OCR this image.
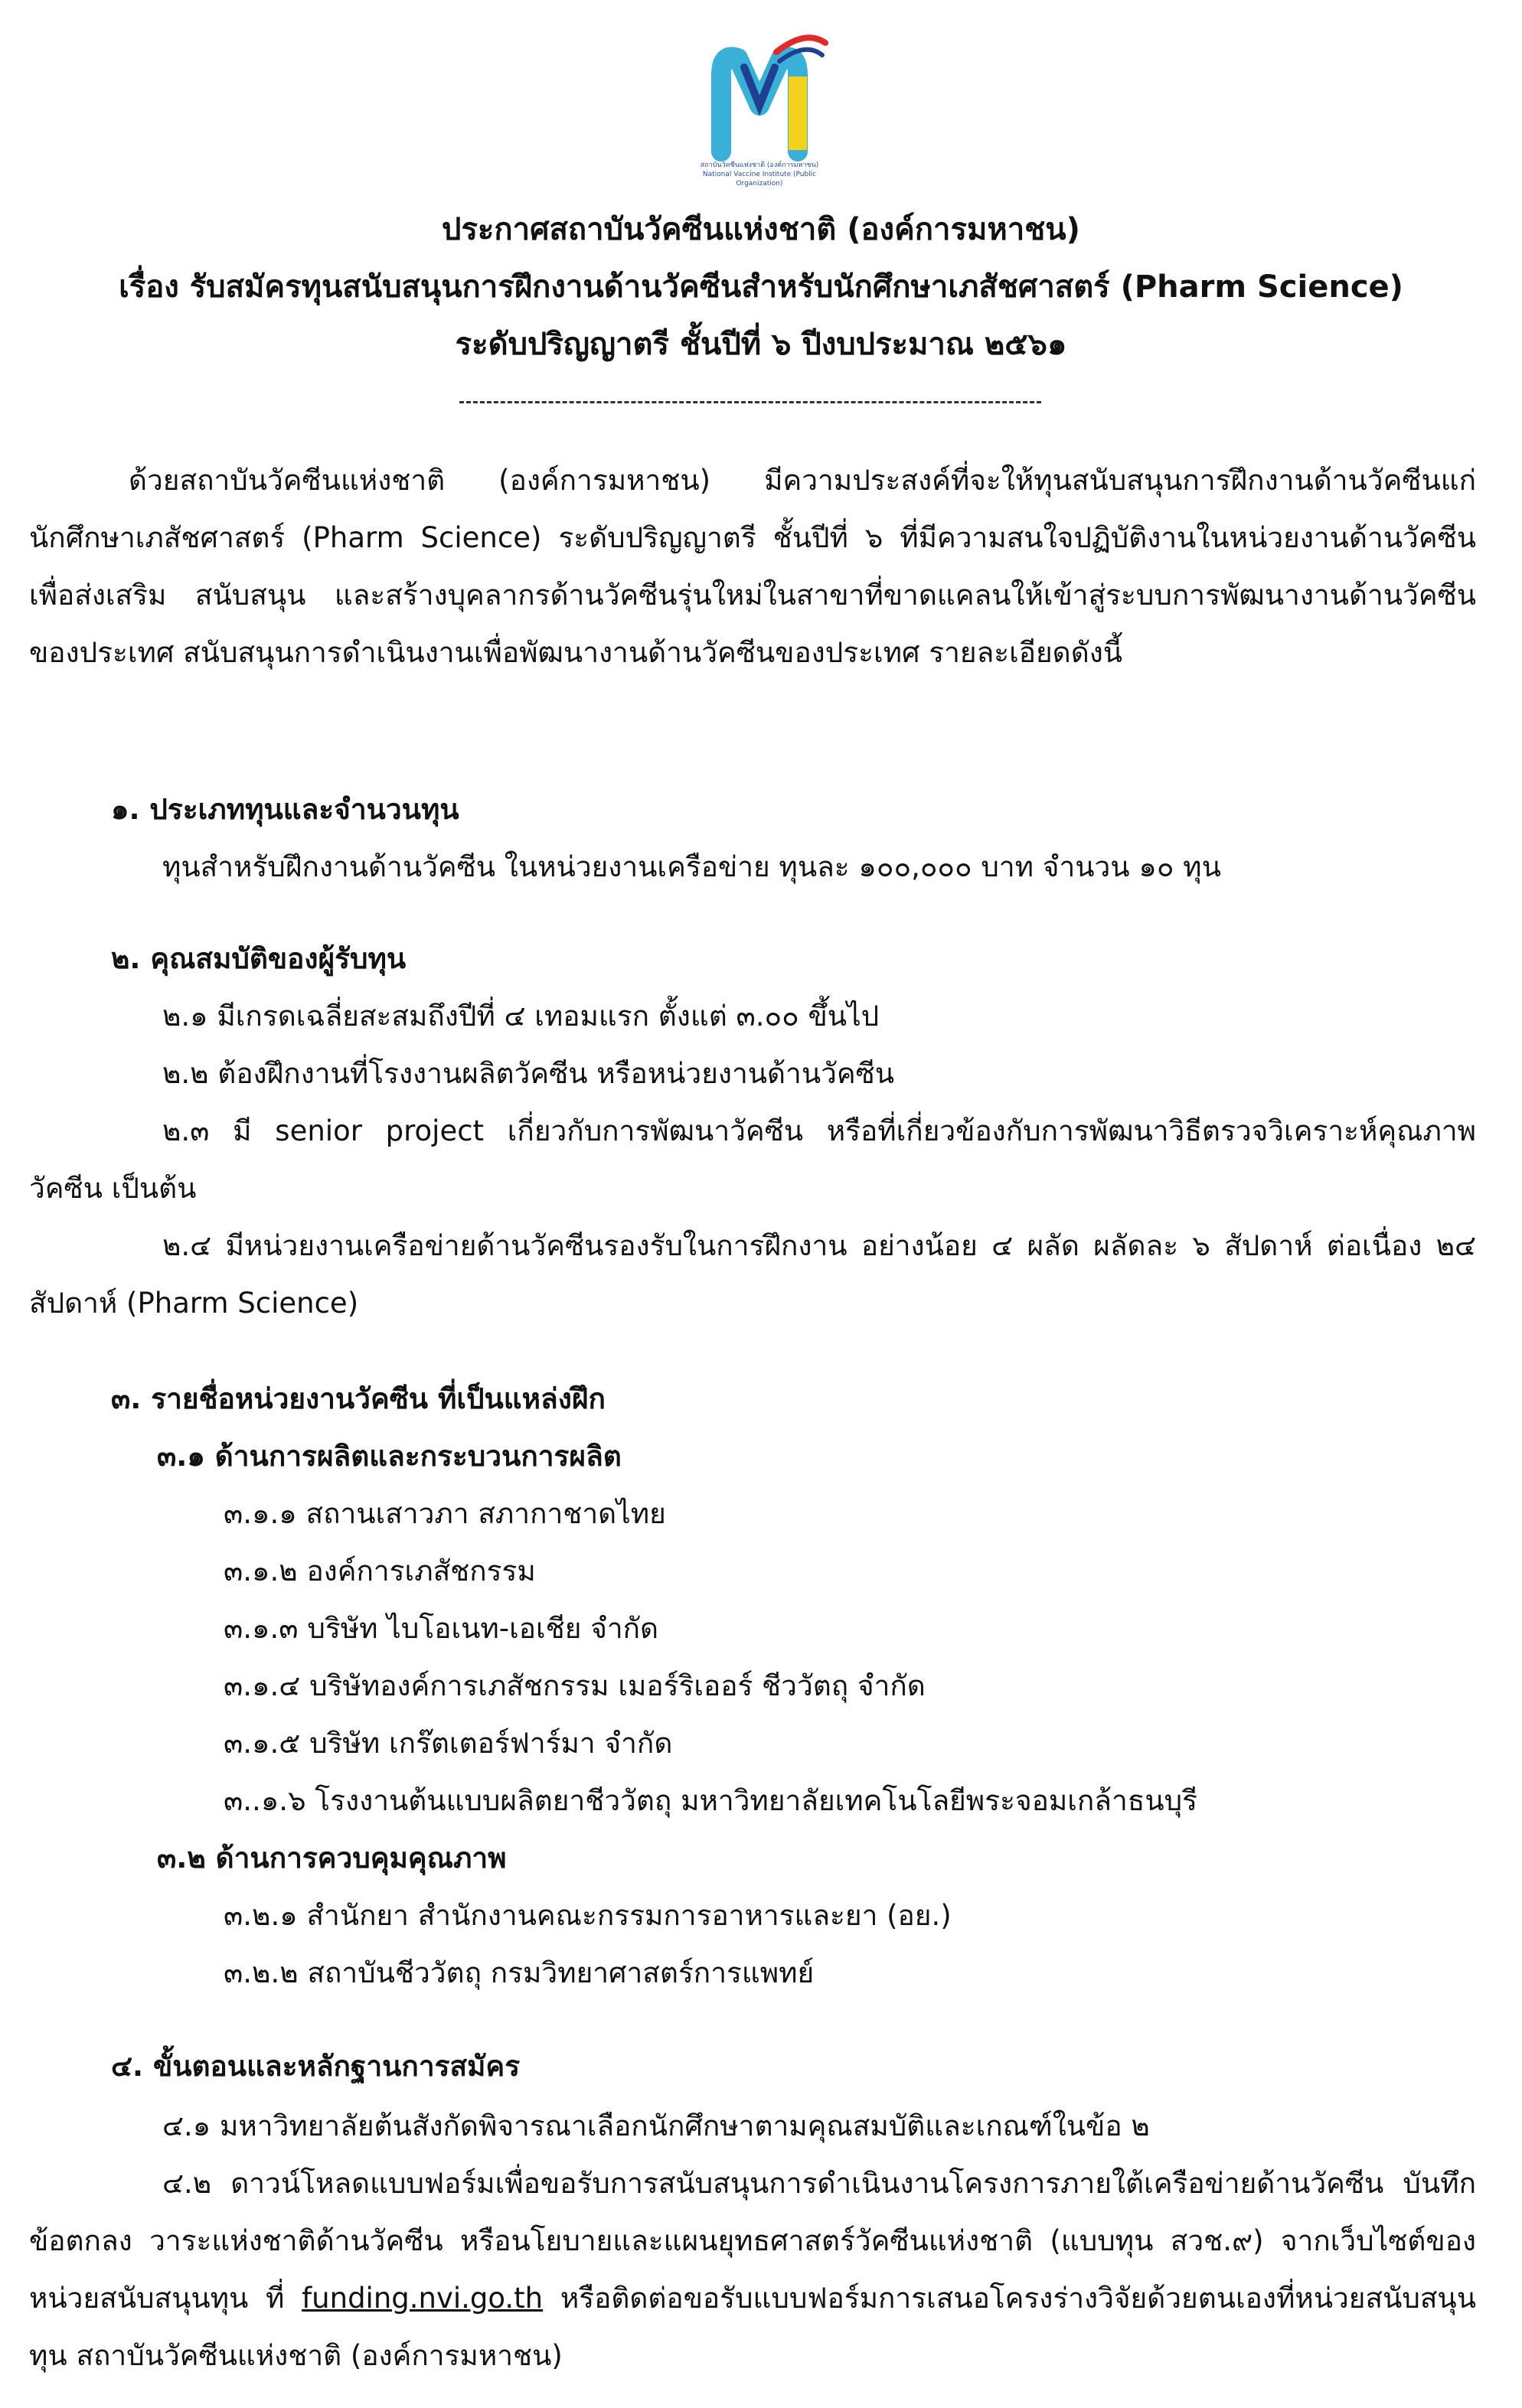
สถาบันวัคซีนแห่งชาติ (องค์การมหาชน)
National Vaccine Institute (Public Organization)
ประกาศสถาบันวัคซีนแห่งชาติ (องค์การมหาชน)
เรื่อง รับสมัครทุนสนับสนุนการฝึกงานด้านวัคซีนสำหรับนักศึกษาเภสัชศาสตร์ (Pharm Science)
ระดับปริญญาตรี ชั้นปีที่ ๖ ปีงบประมาณ ๒๕๖๑
ด้วยสถาบันวัคซีนแห่งชาติ (องค์การมหาชน) มีความประสงค์ที่จะให้ทุนสนับสนุนการฝึกงานด้านวัคซีนแก่นักศึกษาเภสัชศาสตร์ (Pharm Science) ระดับปริญญาตรี ชั้นปีที่ ๖ ที่มีความสนใจปฏิบัติงานในหน่วยงานด้านวัคซีน เพื่อส่งเสริม สนับสนุน และสร้างบุคลากรด้านวัคซีนรุ่นใหม่ในสาขาที่ขาดแคลนให้เข้าสู่ระบบการพัฒนางานด้านวัคซีนของประเทศ สนับสนุนการดำเนินงานเพื่อพัฒนางานด้านวัคซีนของประเทศ รายละเอียดดังนี้
๑. ประเภททุนและจำนวนทุน
ทุนสำหรับฝึกงานด้านวัคซีน ในหน่วยงานเครือข่าย ทุนละ ๑๐๐,๐๐๐ บาท จำนวน ๑๐ ทุน
๒. คุณสมบัติของผู้รับทุน
๒.๑ มีเกรดเฉลี่ยสะสมถึงปีที่ ๔ เทอมแรก ตั้งแต่ ๓.๐๐ ขึ้นไป
๒.๒ ต้องฝึกงานที่โรงงานผลิตวัคซีน หรือหน่วยงานด้านวัคซีน
๒.๓ มี senior project เกี่ยวกับการพัฒนาวัคซีน หรือที่เกี่ยวข้องกับการพัฒนาวิธีตรวจวิเคราะห์คุณภาพวัคซีน เป็นต้น
๒.๔ มีหน่วยงานเครือข่ายด้านวัคซีนรองรับในการฝึกงาน อย่างน้อย ๔ ผลัด ผลัดละ ๖ สัปดาห์ ต่อเนื่อง ๒๔ สัปดาห์ (Pharm Science)
๓. รายชื่อหน่วยงานวัคซีน ที่เป็นแหล่งฝึก
๓.๑ ด้านการผลิตและกระบวนการผลิต
๓.๑.๑ สถานเสาวภา สภากาชาดไทย
๓.๑.๒ องค์การเภสัชกรรม
๓.๑.๓ บริษัท ไบโอเนท-เอเชีย จำกัด
๓.๑.๔ บริษัทองค์การเภสัชกรรม เมอร์ริเออร์ ชีววัตถุ จำกัด
๓.๑.๕ บริษัท เกร๊ตเตอร์ฟาร์มา จำกัด
๓..๑.๖ โรงงานต้นแบบผลิตยาชีววัตถุ มหาวิทยาลัยเทคโนโลยีพระจอมเกล้าธนบุรี
๓.๒ ด้านการควบคุมคุณภาพ
๓.๒.๑ สำนักยา สำนักงานคณะกรรมการอาหารและยา (อย.)
๓.๒.๒ สถาบันชีววัตถุ กรมวิทยาศาสตร์การแพทย์
๔. ขั้นตอนและหลักฐานการสมัคร
๔.๑ มหาวิทยาลัยต้นสังกัดพิจารณาเลือกนักศึกษาตามคุณสมบัติและเกณฑ์ในข้อ ๒
๔.๒ ดาวน์โหลดแบบฟอร์มเพื่อขอรับการสนับสนุนการดำเนินงานโครงการภายใต้เครือข่ายด้านวัคซีน บันทึกข้อตกลง วาระแห่งชาติด้านวัคซีน หรือนโยบายและแผนยุทธศาสตร์วัคซีนแห่งชาติ (แบบทุน สวช.๙) จากเว็บไซต์ของหน่วยสนับสนุนทุน ที่ funding.nvi.go.th หรือติดต่อขอรับแบบฟอร์มการเสนอโครงร่างวิจัยด้วยตนเองที่หน่วยสนับสนุนทุน สถาบันวัคซีนแห่งชาติ (องค์การมหาชน)
